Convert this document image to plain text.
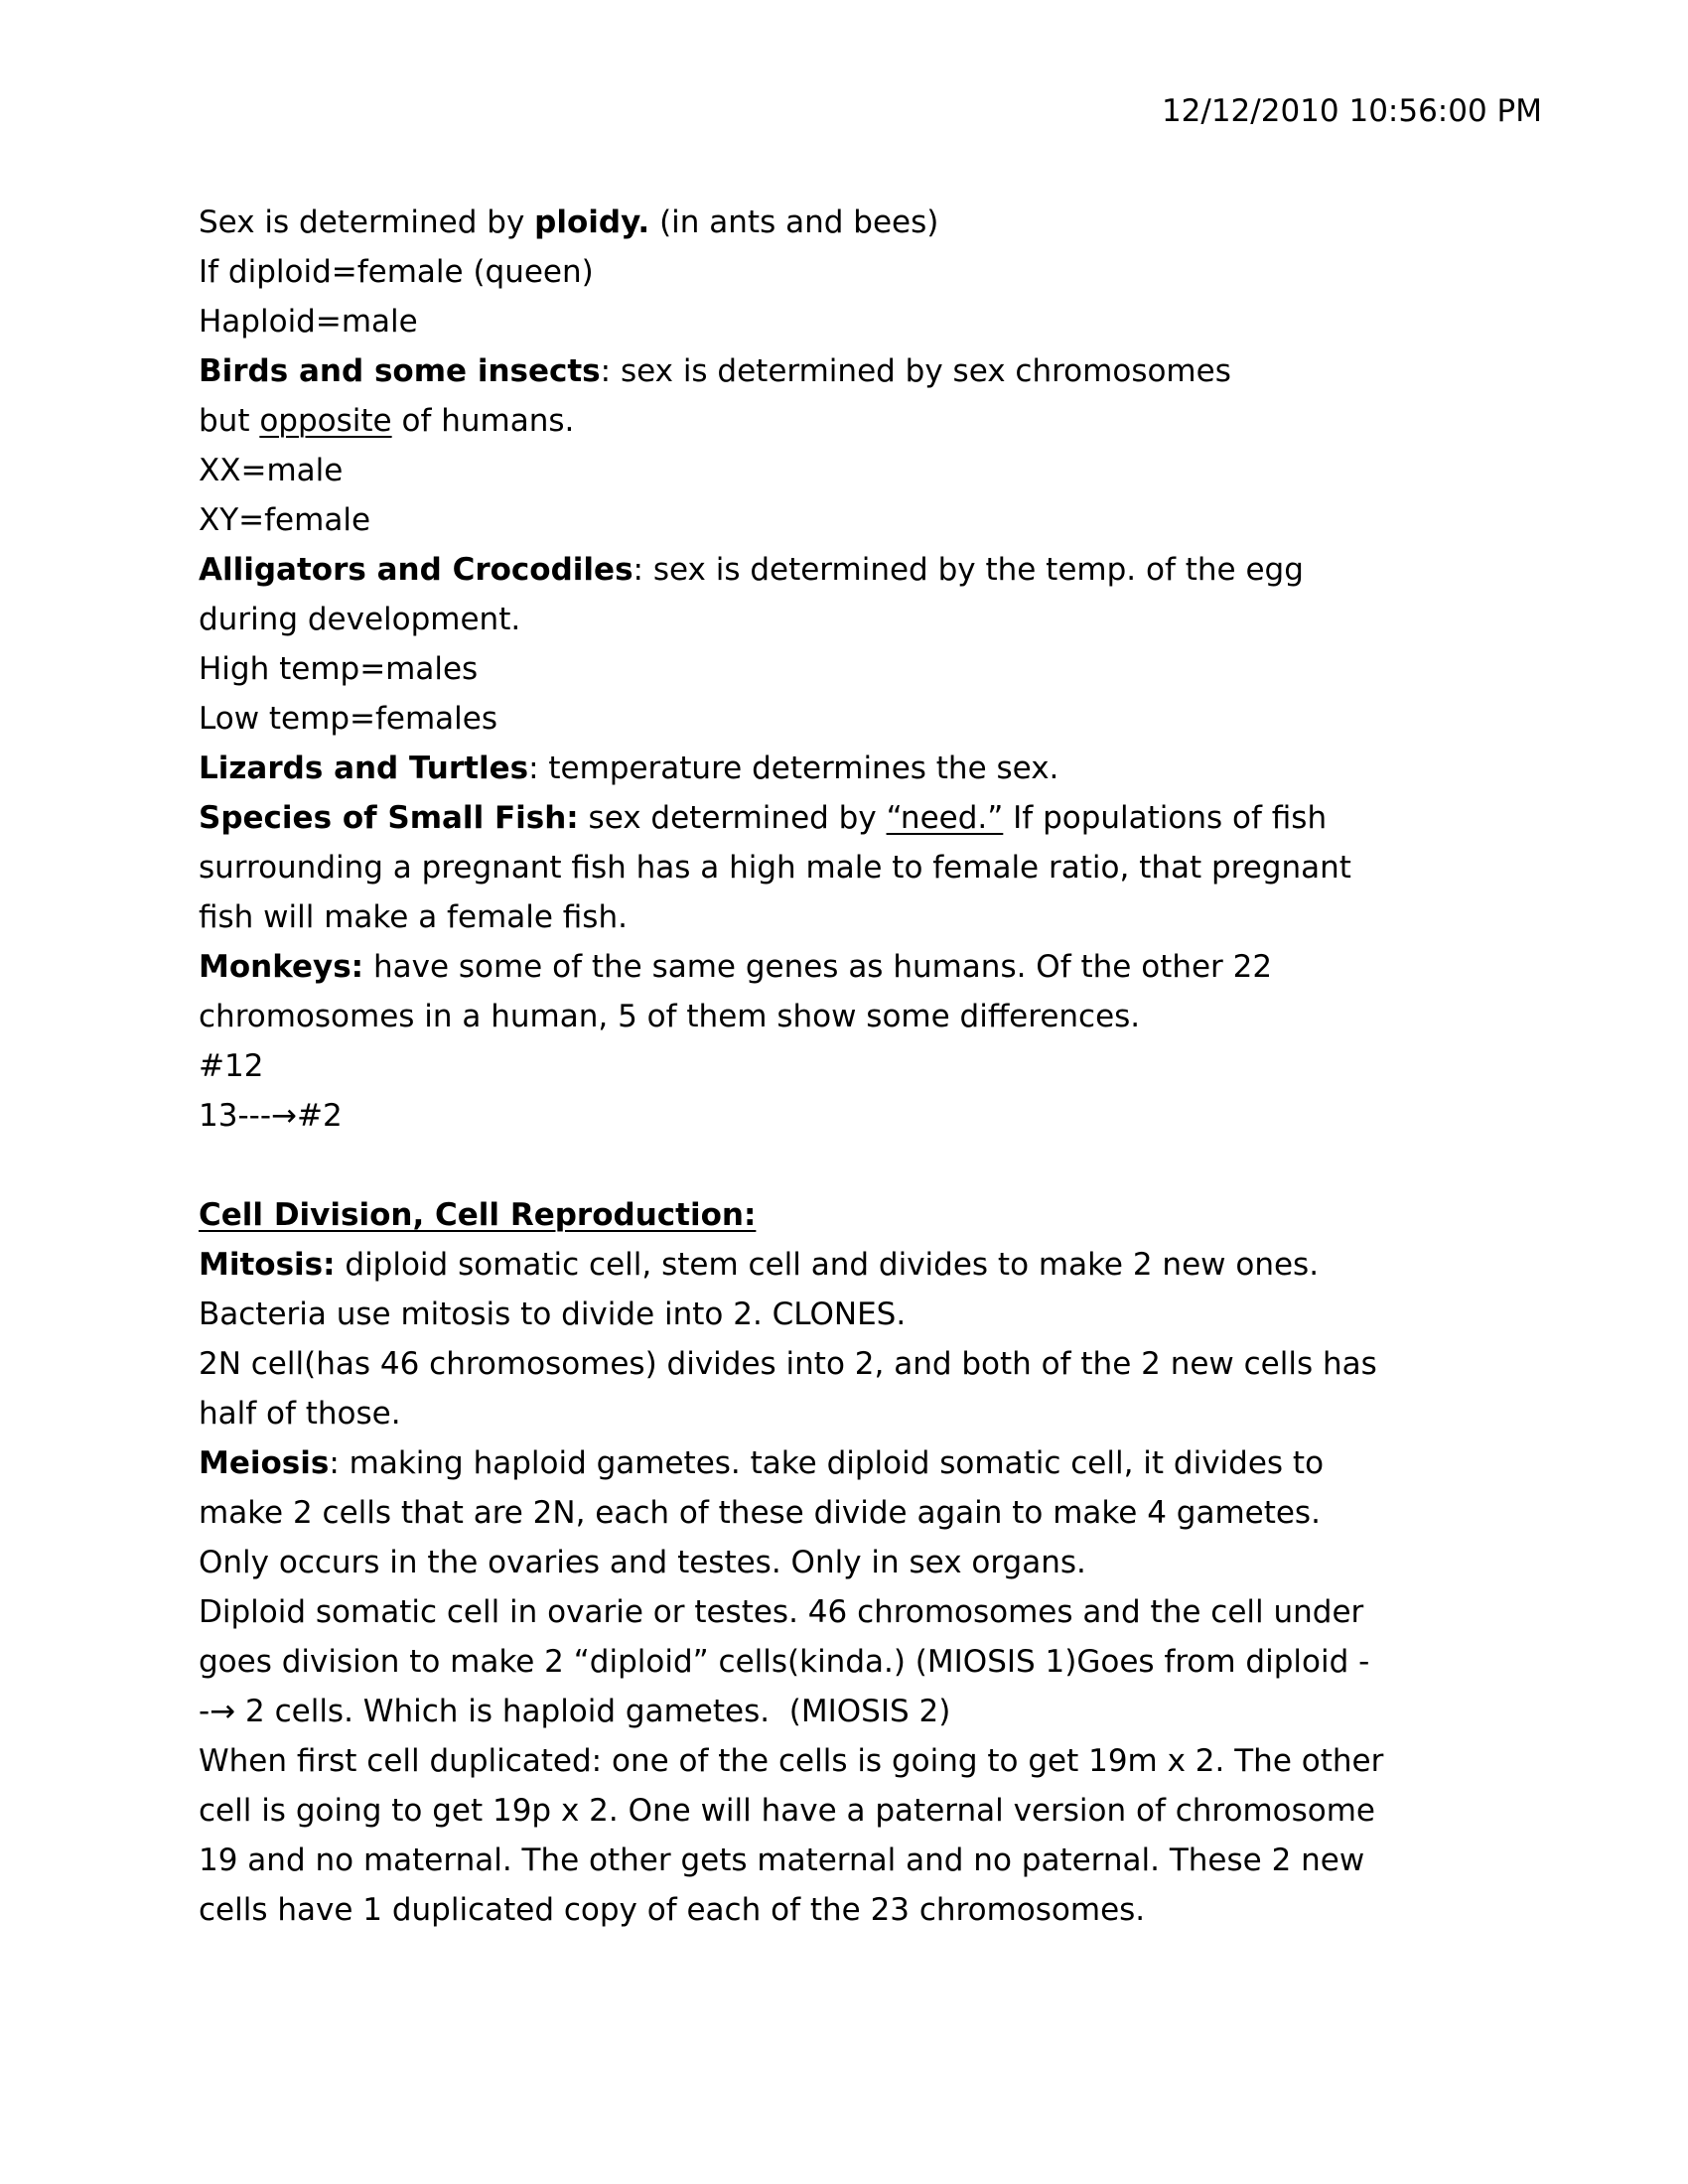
12/12/2010 10:56:00 PM
Sex is determined by ploidy. (in ants and bees)
If diploid=female (queen)
Haploid=male
Birds and some insects: sex is determined by sex chromosomes
but opposite of humans.
XX=male
XY=female
Alligators and Crocodiles: sex is determined by the temp. of the egg
during development.
High temp=males
Low temp=females
Lizards and Turtles: temperature determines the sex.
Species of Small Fish: sex determined by “need.” If populations of fish
surrounding a pregnant fish has a high male to female ratio, that pregnant
fish will make a female fish.
Monkeys: have some of the same genes as humans. Of the other 22
chromosomes in a human, 5 of them show some differences.
#12
13---→#2
Cell Division, Cell Reproduction:
Mitosis: diploid somatic cell, stem cell and divides to make 2 new ones.
Bacteria use mitosis to divide into 2. CLONES.
2N cell(has 46 chromosomes) divides into 2, and both of the 2 new cells has
half of those.
Meiosis: making haploid gametes. take diploid somatic cell, it divides to
make 2 cells that are 2N, each of these divide again to make 4 gametes.
Only occurs in the ovaries and testes. Only in sex organs.
Diploid somatic cell in ovarie or testes. 46 chromosomes and the cell under
goes division to make 2 “diploid” cells(kinda.) (MIOSIS 1)Goes from diploid -
-→ 2 cells. Which is haploid gametes.  (MIOSIS 2)
When first cell duplicated: one of the cells is going to get 19m x 2. The other
cell is going to get 19p x 2. One will have a paternal version of chromosome
19 and no maternal. The other gets maternal and no paternal. These 2 new
cells have 1 duplicated copy of each of the 23 chromosomes.
